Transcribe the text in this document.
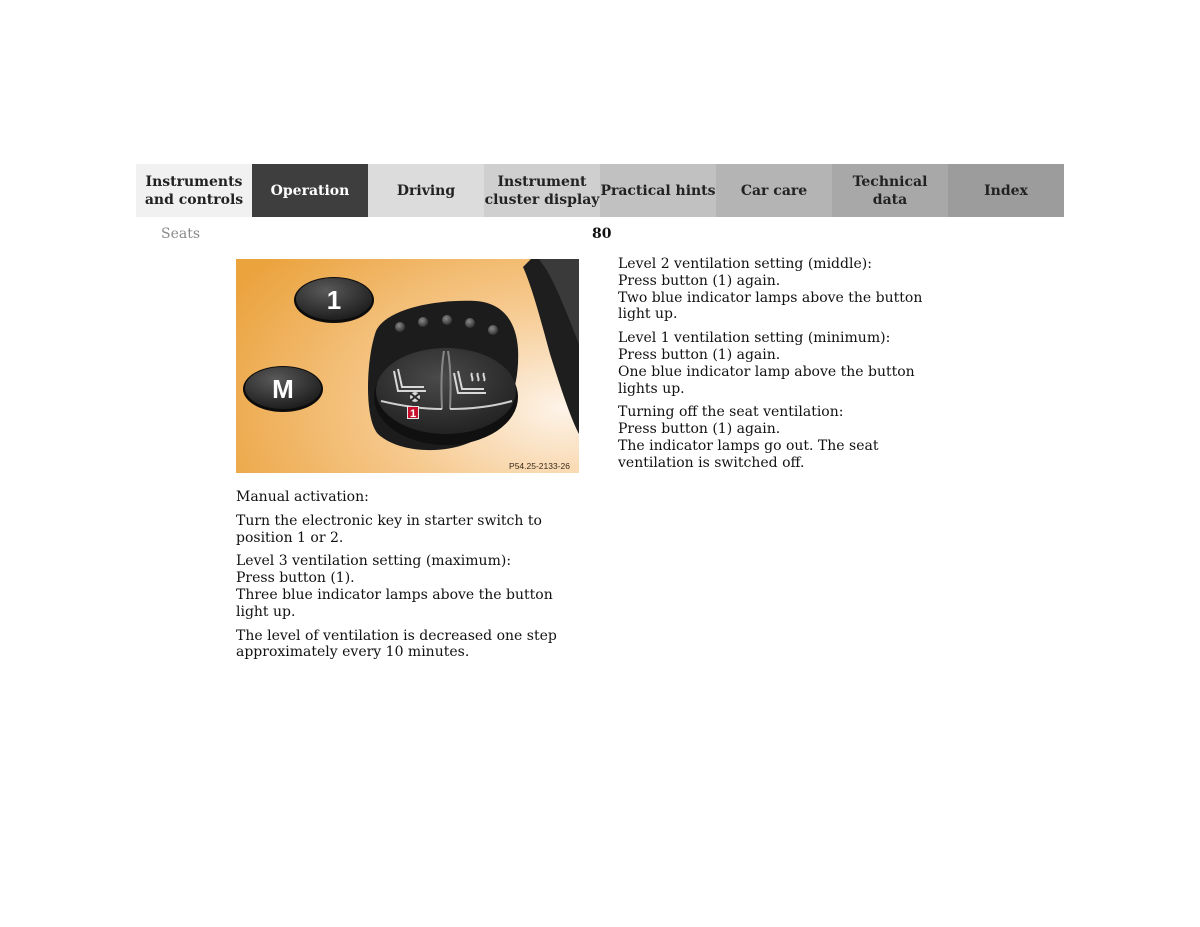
Instruments
and controls
Operation	Driving
Instrument
cluster display
Practical hints	Car care
Technical
data
Index
Seats	80
1
M
1
P54.25-2133-26

Manual activation:

Turn the electronic key in starter switch to position 1 or 2.

Level 3 ventilation setting (maximum):
Press button (1).
Three blue indicator lamps above the button light up.

The level of ventilation is decreased one step approximately every 10 minutes.

Level 2 ventilation setting (middle):
Press button (1) again.
Two blue indicator lamps above the button light up.

Level 1 ventilation setting (minimum):
Press button (1) again.
One blue indicator lamp above the button lights up.

Turning off the seat ventilation:
Press button (1) again.
The indicator lamps go out. The seat ventilation is switched off.
